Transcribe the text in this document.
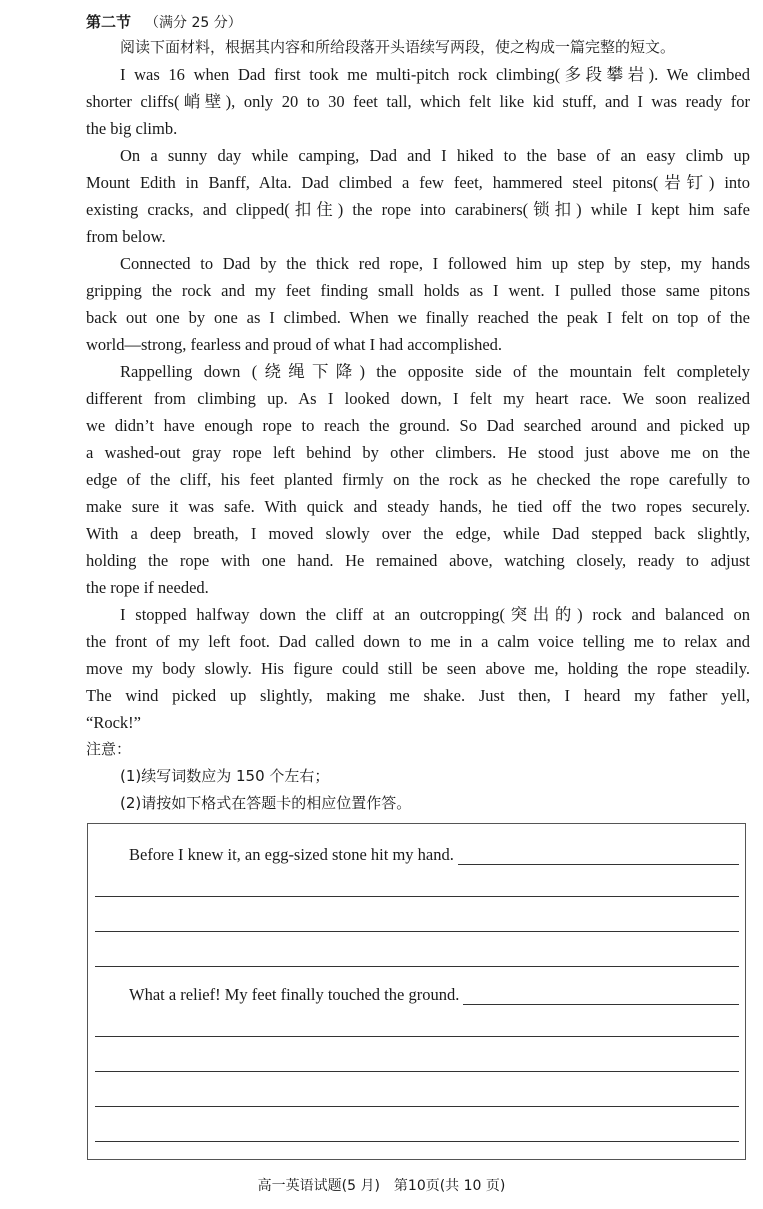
第二节 （满分 25 分）
阅读下面材料，根据其内容和所给段落开头语续写两段，使之构成一篇完整的短文。
I was 16 when Dad first took me multi-pitch rock climbing(多段攀岩). We climbed
shorter cliffs(峭壁), only 20 to 30 feet tall, which felt like kid stuff, and I was ready for
the big climb.
On a sunny day while camping, Dad and I hiked to the base of an easy climb up
Mount Edith in Banff, Alta. Dad climbed a few feet, hammered steel pitons(岩钉) into
existing cracks, and clipped(扣住) the rope into carabiners(锁扣) while I kept him safe
from below.
Connected to Dad by the thick red rope, I followed him up step by step, my hands
gripping the rock and my feet finding small holds as I went. I pulled those same pitons
back out one by one as I climbed. When we finally reached the peak I felt on top of the
world—strong, fearless and proud of what I had accomplished.
Rappelling down (绕绳下降) the opposite side of the mountain felt completely
different from climbing up. As I looked down, I felt my heart race. We soon realized
we didn’t have enough rope to reach the ground. So Dad searched around and picked up
a washed-out gray rope left behind by other climbers. He stood just above me on the
edge of the cliff, his feet planted firmly on the rock as he checked the rope carefully to
make sure it was safe. With quick and steady hands, he tied off the two ropes securely.
With a deep breath, I moved slowly over the edge, while Dad stepped back slightly,
holding the rope with one hand. He remained above, watching closely, ready to adjust
the rope if needed.
I stopped halfway down the cliff at an outcropping(突出的) rock and balanced on
the front of my left foot. Dad called down to me in a calm voice telling me to relax and
move my body slowly. His figure could still be seen above me, holding the rope steadily.
The wind picked up slightly, making me shake. Just then, I heard my father yell,
“Rock!”
注意：
(1)续写词数应为 150 个左右；
(2)请按如下格式在答题卡的相应位置作答。
Before I knew it, an egg-sized stone hit my hand.
What a relief! My feet finally touched the ground.
高一英语试题(5 月)　第10页(共 10 页)
